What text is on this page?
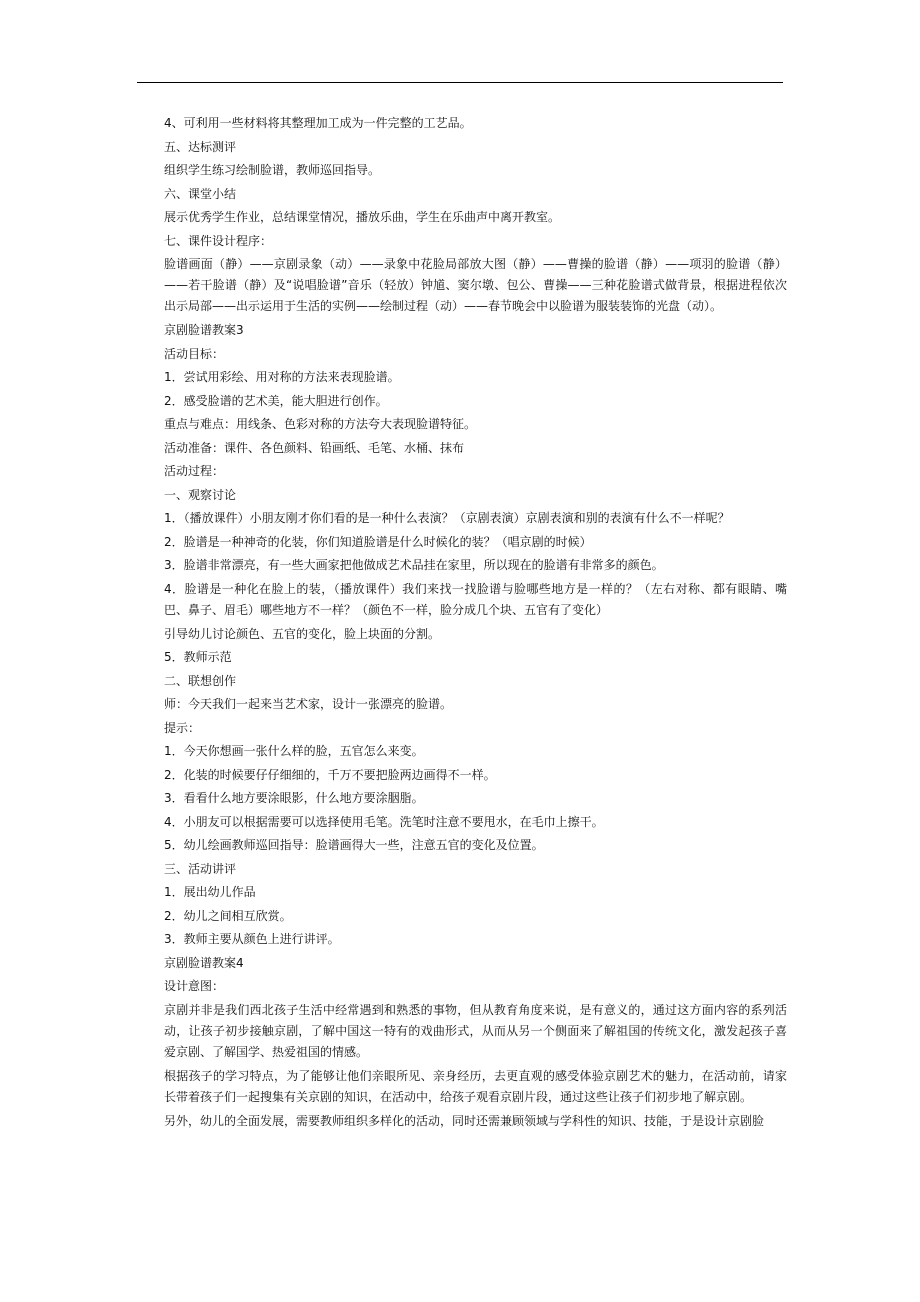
4、可利用一些材料将其整理加工成为一件完整的工艺品。

五、达标测评

组织学生练习绘制脸谱，教师巡回指导。

六、课堂小结

展示优秀学生作业，总结课堂情况，播放乐曲，学生在乐曲声中离开教室。

七、课件设计程序：

脸谱画面（静）——京剧录象（动）——录象中花脸局部放大图（静）——曹操的脸谱（静）——项羽的脸谱（静）——若干脸谱（静）及“说唱脸谱”音乐（轻放）钟馗、窦尔墩、包公、曹操——三种花脸谱式做背景，根据进程依次出示局部——出示运用于生活的实例——绘制过程（动）——春节晚会中以脸谱为服装装饰的光盘（动）。

京剧脸谱教案3

活动目标：

1．尝试用彩绘、用对称的方法来表现脸谱。

2．感受脸谱的艺术美，能大胆进行创作。

重点与难点：用线条、色彩对称的方法夸大表现脸谱特征。

活动准备：课件、各色颜料、铅画纸、毛笔、水桶、抹布

活动过程：

一、观察讨论

1．（播放课件）小朋友刚才你们看的是一种什么表演？（京剧表演）京剧表演和别的表演有什么不一样呢？

2．脸谱是一种神奇的化装，你们知道脸谱是什么时候化的装？（唱京剧的时候）

3．脸谱非常漂亮，有一些大画家把他做成艺术品挂在家里，所以现在的脸谱有非常多的颜色。

4．脸谱是一种化在脸上的装，（播放课件）我们来找一找脸谱与脸哪些地方是一样的？（左右对称、都有眼睛、嘴巴、鼻子、眉毛）哪些地方不一样？（颜色不一样，脸分成几个块、五官有了变化）

引导幼儿讨论颜色、五官的变化，脸上块面的分割。

5．教师示范

二、联想创作

师：今天我们一起来当艺术家，设计一张漂亮的脸谱。

提示：

1．今天你想画一张什么样的脸，五官怎么来变。

2．化装的时候要仔仔细细的，千万不要把脸两边画得不一样。

3．看看什么地方要涂眼影，什么地方要涂胭脂。

4．小朋友可以根据需要可以选择使用毛笔。洗笔时注意不要甩水，在毛巾上擦干。

5．幼儿绘画教师巡回指导：脸谱画得大一些，注意五官的变化及位置。

三、活动讲评

1．展出幼儿作品

2．幼儿之间相互欣赏。

3．教师主要从颜色上进行讲评。

京剧脸谱教案4

设计意图：

京剧并非是我们西北孩子生活中经常遇到和熟悉的事物，但从教育角度来说，是有意义的，通过这方面内容的系列活动，让孩子初步接触京剧，了解中国这一特有的戏曲形式，从而从另一个侧面来了解祖国的传统文化，激发起孩子喜爱京剧、了解国学、热爱祖国的情感。

根据孩子的学习特点，为了能够让他们亲眼所见、亲身经历，去更直观的感受体验京剧艺术的魅力，在活动前，请家长带着孩子们一起搜集有关京剧的知识，在活动中，给孩子观看京剧片段，通过这些让孩子们初步地了解京剧。

另外，幼儿的全面发展，需要教师组织多样化的活动，同时还需兼顾领域与学科性的知识、技能，于是设计京剧脸
